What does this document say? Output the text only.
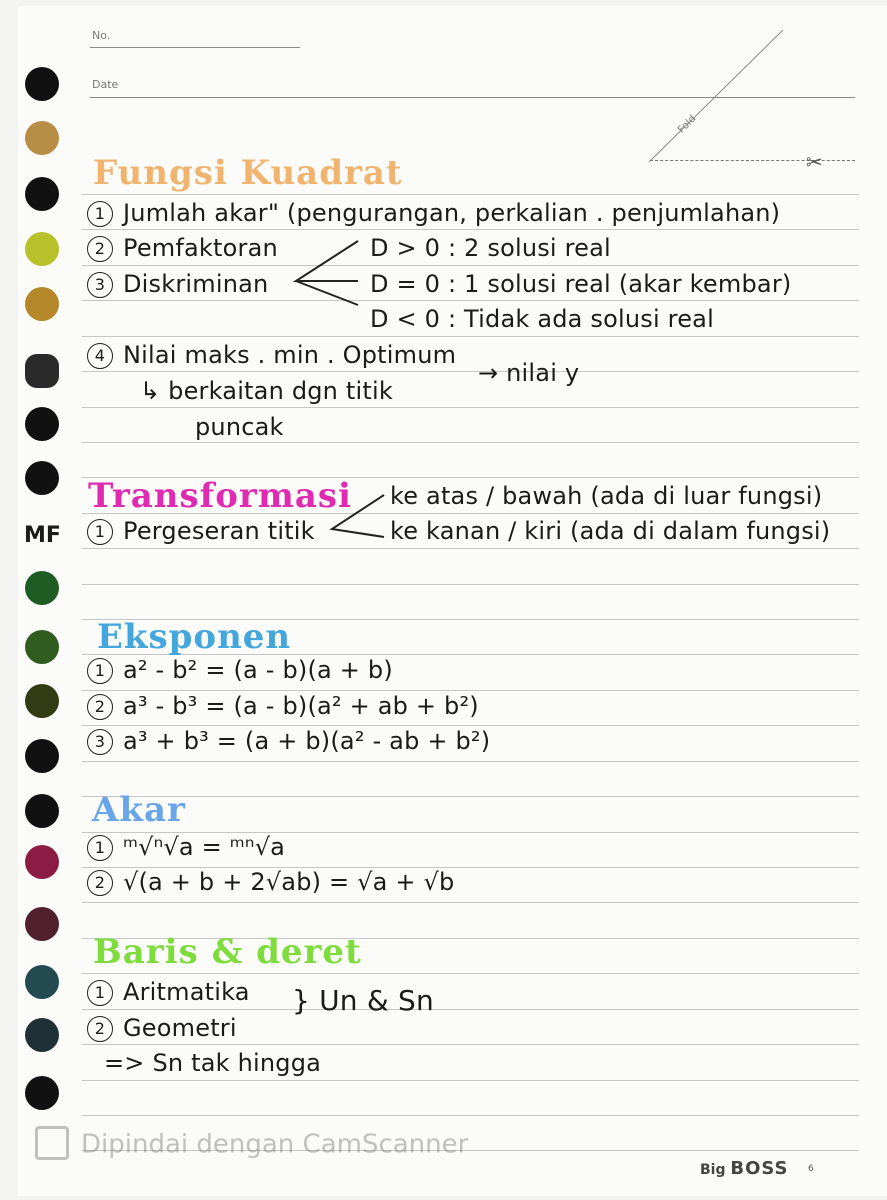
MF
No.
Date
Fold
✂
Fungsi Kuadrat
1 Jumlah akar" (pengurangan, perkalian . penjumlahan)
2 Pemfaktoran
3 Diskriminan
D > 0 : 2 solusi real
D = 0 : 1 solusi real (akar kembar)
D < 0 : Tidak ada solusi real
4 Nilai maks . min . Optimum
→ nilai y
↳ berkaitan dgn titik
puncak
Transformasi
1 Pergeseran titik
ke atas / bawah (ada di luar fungsi)
ke kanan / kiri (ada di dalam fungsi)
Eksponen
1 a² - b² = (a - b)(a + b)
2 a³ - b³ = (a - b)(a² + ab + b²)
3 a³ + b³ = (a + b)(a² - ab + b²)
Akar
1 ᵐ√ⁿ√a = ᵐⁿ√a
2 √(a + b + 2√ab) = √a + √b
Baris & deret
1 Aritmatika
2 Geometri
} Un & Sn
=> Sn tak hingga
Dipindai dengan CamScanner
Big BOSS 6
